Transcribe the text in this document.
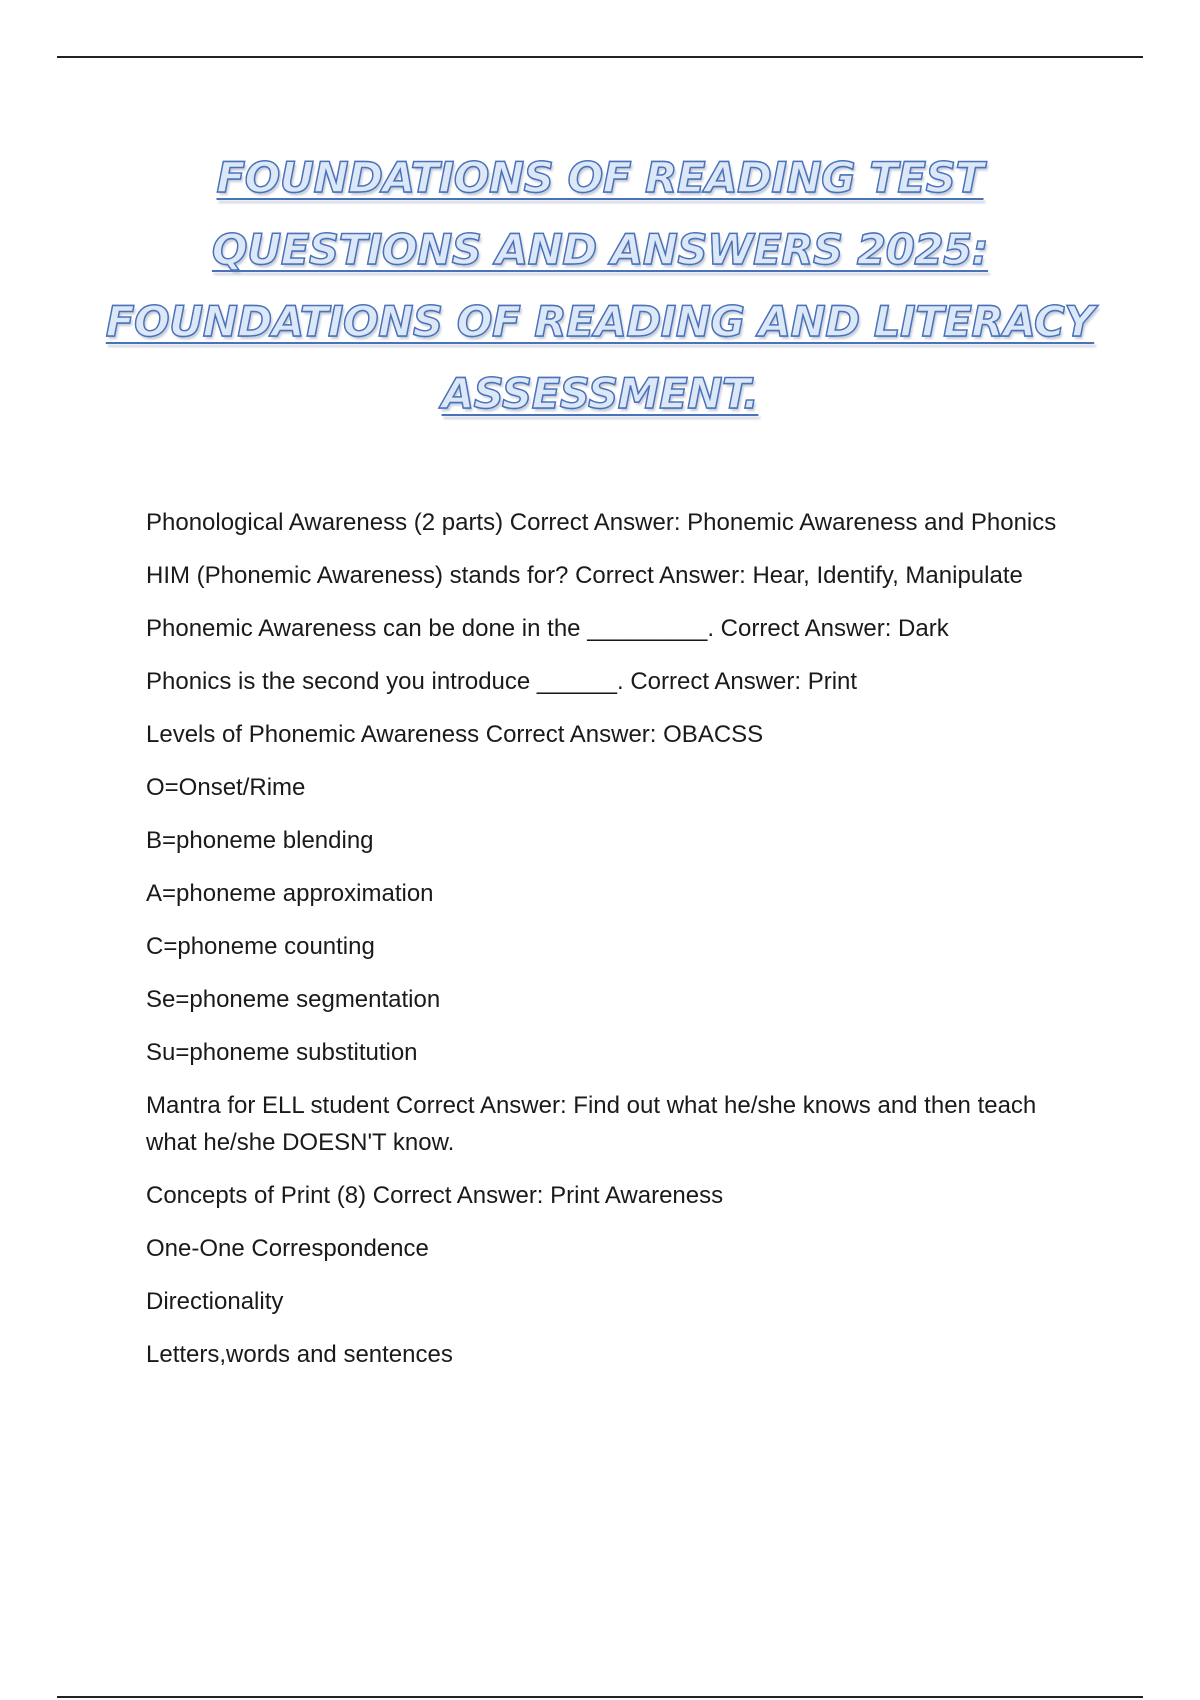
FOUNDATIONS OF READING TEST QUESTIONS AND ANSWERS 2025: FOUNDATIONS OF READING AND LITERACY ASSESSMENT.
Phonological Awareness (2 parts) Correct Answer: Phonemic Awareness and Phonics
HIM (Phonemic Awareness) stands for? Correct Answer: Hear, Identify, Manipulate
Phonemic Awareness can be done in the _________. Correct Answer: Dark
Phonics is the second you introduce ______. Correct Answer: Print
Levels of Phonemic Awareness Correct Answer: OBACSS
O=Onset/Rime
B=phoneme blending
A=phoneme approximation
C=phoneme counting
Se=phoneme segmentation
Su=phoneme substitution
Mantra for ELL student Correct Answer: Find out what he/she knows and then teach what he/she DOESN'T know.
Concepts of Print (8) Correct Answer: Print Awareness
One-One Correspondence
Directionality
Letters,words and sentences
